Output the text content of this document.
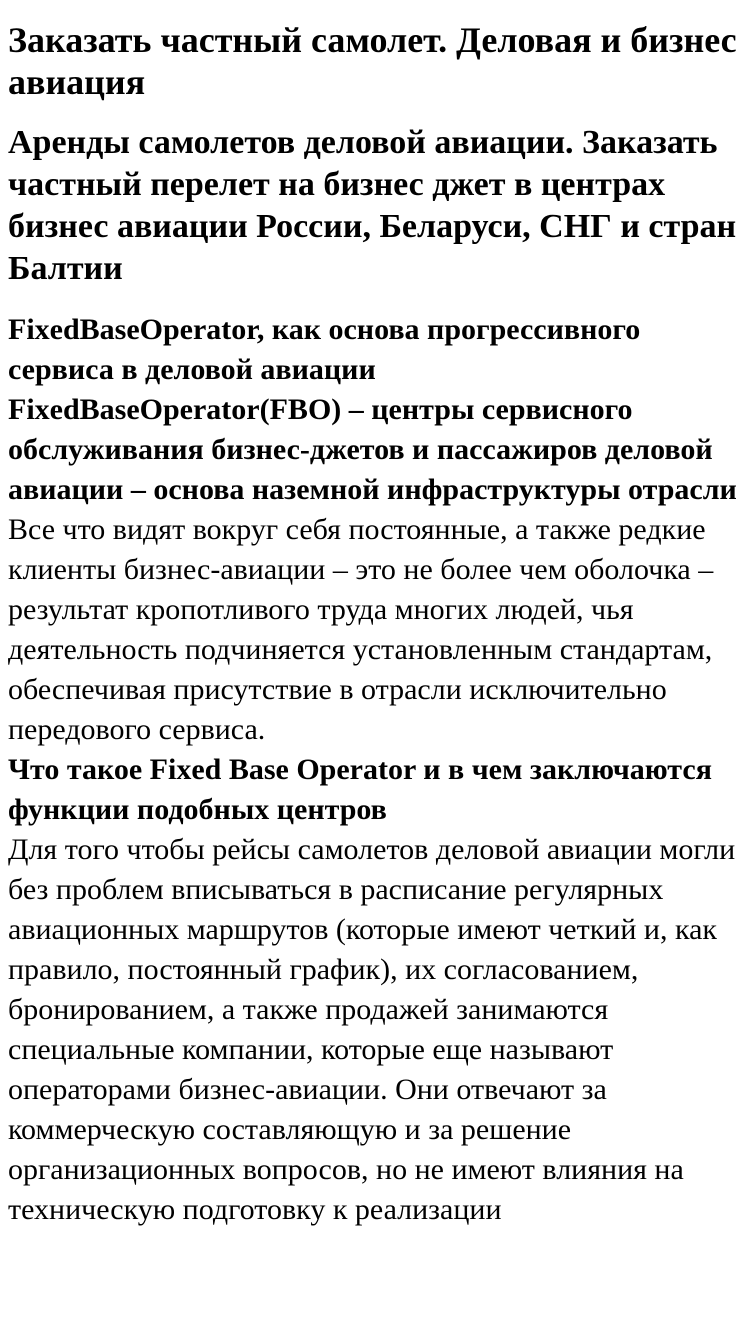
Заказать частный самолет. Деловая и бизнес авиация
Аренды самолетов деловой авиации. Заказать частный перелет на бизнес джет в центрах бизнес авиации России, Беларуси, СНГ и стран Балтии
FixedBaseOperator, как основа прогрессивного сервиса в деловой авиации
FixedBaseOperator(FBO) – центры сервисного обслуживания бизнес-джетов и пассажиров деловой авиации – основа наземной инфраструктуры отрасли

Все что видят вокруг себя постоянные, а также редкие клиенты бизнес-авиации – это не более чем оболочка – результат кропотливого труда многих людей, чья деятельность подчиняется установленным стандартам, обеспечивая присутствие в отрасли исключительно передового сервиса.

Что такое Fixed Base Operator и в чем заключаются функции подобных центров

Для того чтобы рейсы самолетов деловой авиации могли без проблем вписываться в расписание регулярных авиационных маршрутов (которые имеют четкий и, как правило, постоянный график), их согласованием, бронированием, а также продажей занимаются специальные компании, которые еще называют операторами бизнес-авиации. Они отвечают за коммерческую составляющую и за решение организационных вопросов, но не имеют влияния на техническую подготовку к реализации
